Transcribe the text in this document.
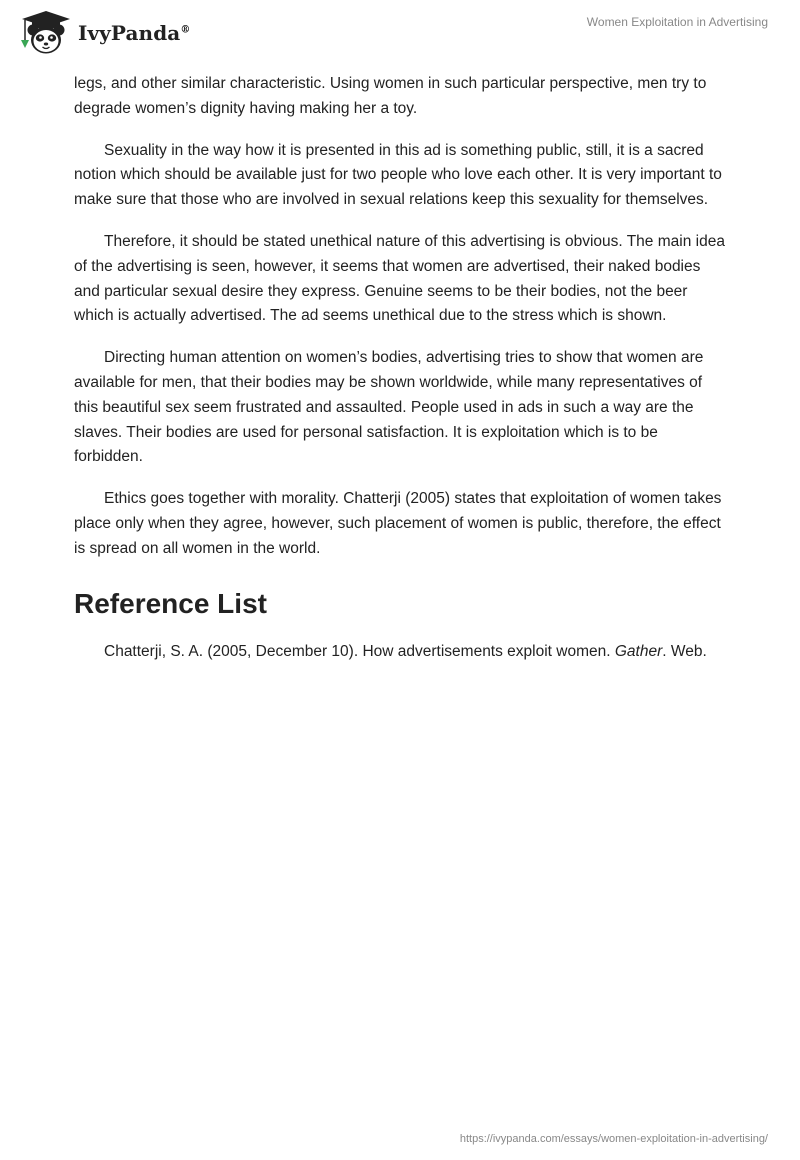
IvyPanda®
Women Exploitation in Advertising

legs, and other similar characteristic. Using women in such particular perspective, men try to degrade women’s dignity having making her a toy.

Sexuality in the way how it is presented in this ad is something public, still, it is a sacred notion which should be available just for two people who love each other. It is very important to make sure that those who are involved in sexual relations keep this sexuality for themselves.

Therefore, it should be stated unethical nature of this advertising is obvious. The main idea of the advertising is seen, however, it seems that women are advertised, their naked bodies and particular sexual desire they express. Genuine seems to be their bodies, not the beer which is actually advertised. The ad seems unethical due to the stress which is shown.

Directing human attention on women’s bodies, advertising tries to show that women are available for men, that their bodies may be shown worldwide, while many representatives of this beautiful sex seem frustrated and assaulted. People used in ads in such a way are the slaves. Their bodies are used for personal satisfaction. It is exploitation which is to be forbidden.

Ethics goes together with morality. Chatterji (2005) states that exploitation of women takes place only when they agree, however, such placement of women is public, therefore, the effect is spread on all women in the world.

Reference List

Chatterji, S. A. (2005, December 10). How advertisements exploit women. Gather. Web.

https://ivypanda.com/essays/women-exploitation-in-advertising/
